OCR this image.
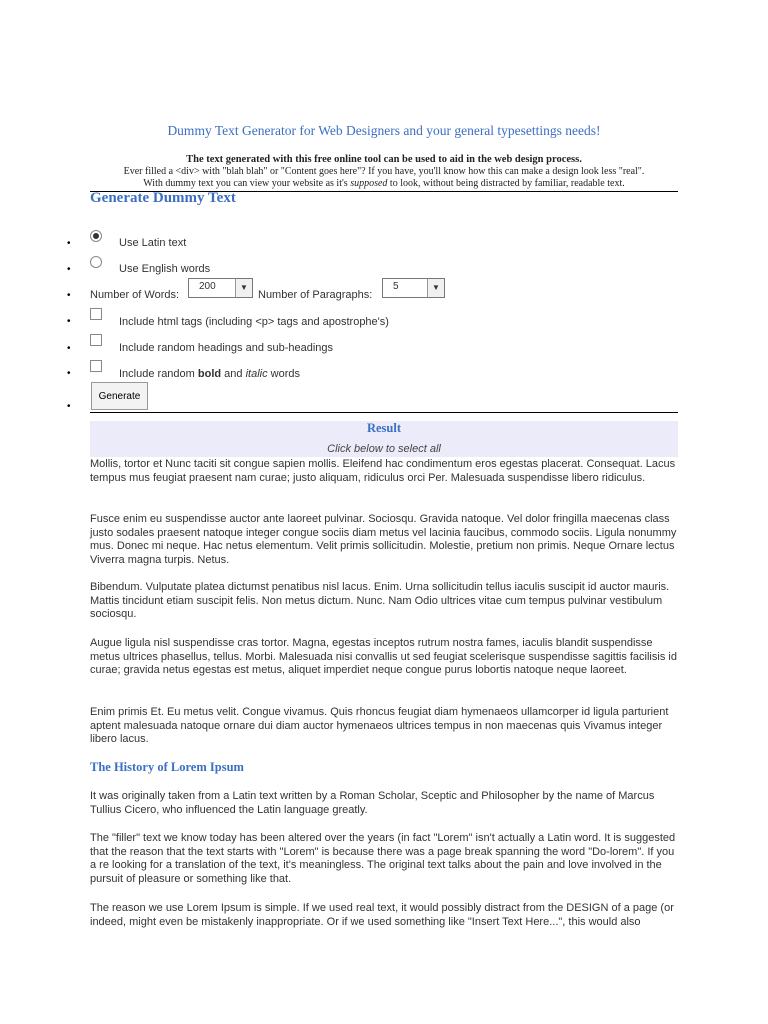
Dummy Text Generator for Web Designers and your general typesettings needs!
The text generated with this free online tool can be used to aid in the web design process.
Ever filled a <div> with "blah blah" or "Content goes here"? If you have, you'll know how this can make a design look less "real".
With dummy text you can view your website as it's supposed to look, without being distracted by familiar, readable text.
Generate Dummy Text
•	Use Latin text
•	Use English words
• Number of Words:
200	▼
Number of Paragraphs:
5	▼
•	Include html tags (including <p> tags and apostrophe's)
•	Include random headings and sub-headings
•	Include random bold and italic words
•
Generate
Result
Click below to select all
Mollis, tortor et Nunc taciti sit congue sapien mollis. Eleifend hac condimentum eros egestas placerat. Consequat. Lacus tempus mus feugiat praesent nam curae; justo aliquam, ridiculus orci Per. Malesuada suspendisse libero ridiculus.
Fusce enim eu suspendisse auctor ante laoreet pulvinar. Sociosqu. Gravida natoque. Vel dolor fringilla maecenas class justo sodales praesent natoque integer congue sociis diam metus vel lacinia faucibus, commodo sociis. Ligula nonummy mus. Donec mi neque. Hac netus elementum. Velit primis sollicitudin. Molestie, pretium non primis. Neque Ornare lectus Viverra magna turpis. Netus.
Bibendum. Vulputate platea dictumst penatibus nisl lacus. Enim. Urna sollicitudin tellus iaculis suscipit id auctor mauris. Mattis tincidunt etiam suscipit felis. Non metus dictum. Nunc. Nam Odio ultrices vitae cum tempus pulvinar vestibulum sociosqu.
Augue ligula nisl suspendisse cras tortor. Magna, egestas inceptos rutrum nostra fames, iaculis blandit suspendisse metus ultrices phasellus, tellus. Morbi. Malesuada nisi convallis ut sed feugiat scelerisque suspendisse sagittis facilisis id curae; gravida netus egestas est metus, aliquet imperdiet neque congue purus lobortis natoque neque laoreet.
Enim primis Et. Eu metus velit. Congue vivamus. Quis rhoncus feugiat diam hymenaeos ullamcorper id ligula parturient aptent malesuada natoque ornare dui diam auctor hymenaeos ultrices tempus in non maecenas quis Vivamus integer libero lacus.
The History of Lorem Ipsum
It was originally taken from a Latin text written by a Roman Scholar, Sceptic and Philosopher by the name of Marcus Tullius Cicero, who influenced the Latin language greatly.
The "filler" text we know today has been altered over the years (in fact "Lorem" isn't actually a Latin word. It is suggested that the reason that the text starts with "Lorem" is because there was a page break spanning the word "Do-lorem". If you a re looking for a translation of the text, it's meaningless. The original text talks about the pain and love involved in the pursuit of pleasure or something like that.
The reason we use Lorem Ipsum is simple. If we used real text, it would possibly distract from the DESIGN of a page (or indeed, might even be mistakenly inappropriate. Or if we used something like "Insert Text Here...", this would also
